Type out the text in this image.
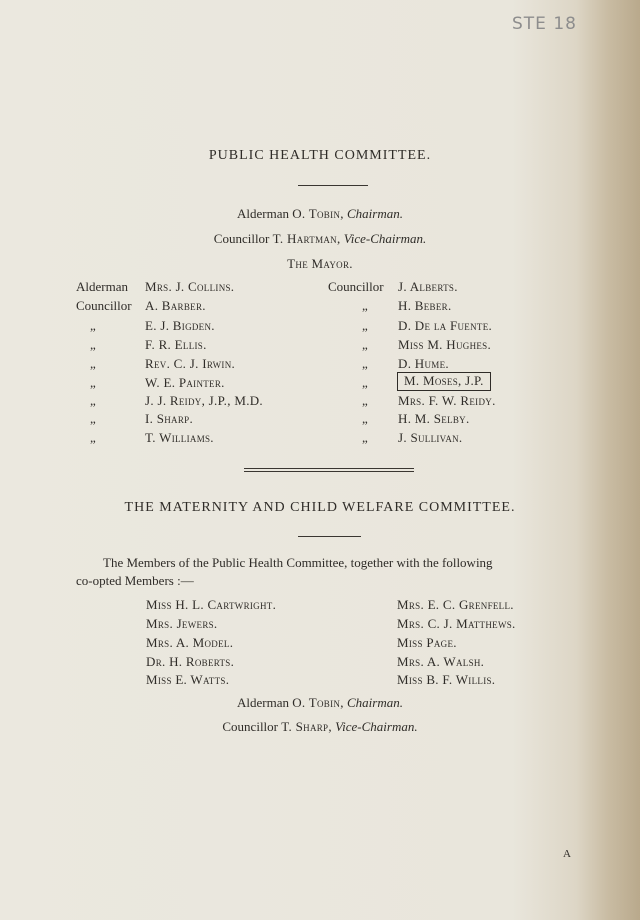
STE 18
PUBLIC HEALTH COMMITTEE.
Alderman O. Tobin, Chairman.
Councillor T. Hartman, Vice-Chairman.
The Mayor.
Alderman
Councillor
„
„
„
„
„
„
„
Mrs. J. Collins.
A. Barber.
E. J. Bigden.
F. R. Ellis.
Rev. C. J. Irwin.
W. E. Painter.
J. J. Reidy, J.P., M.D.
I. Sharp.
T. Williams.
Councillor
„
„
„
„
„
„
„
„
J. Alberts.
H. Beber.
D. De la Fuente.
Miss M. Hughes.
D. Hume.
M. Moses, J.P.
Mrs. F. W. Reidy.
H. M. Selby.
J. Sullivan.
THE MATERNITY AND CHILD WELFARE COMMITTEE.
The Members of the Public Health Committee, together with the following
co-opted Members :—
Miss H. L. Cartwright.
Mrs. Jewers.
Mrs. A. Model.
Dr. H. Roberts.
Miss E. Watts.
Mrs. E. C. Grenfell.
Mrs. C. J. Matthews.
Miss Page.
Mrs. A. Walsh.
Miss B. F. Willis.
Alderman O. Tobin, Chairman.
Councillor T. Sharp, Vice-Chairman.
A
